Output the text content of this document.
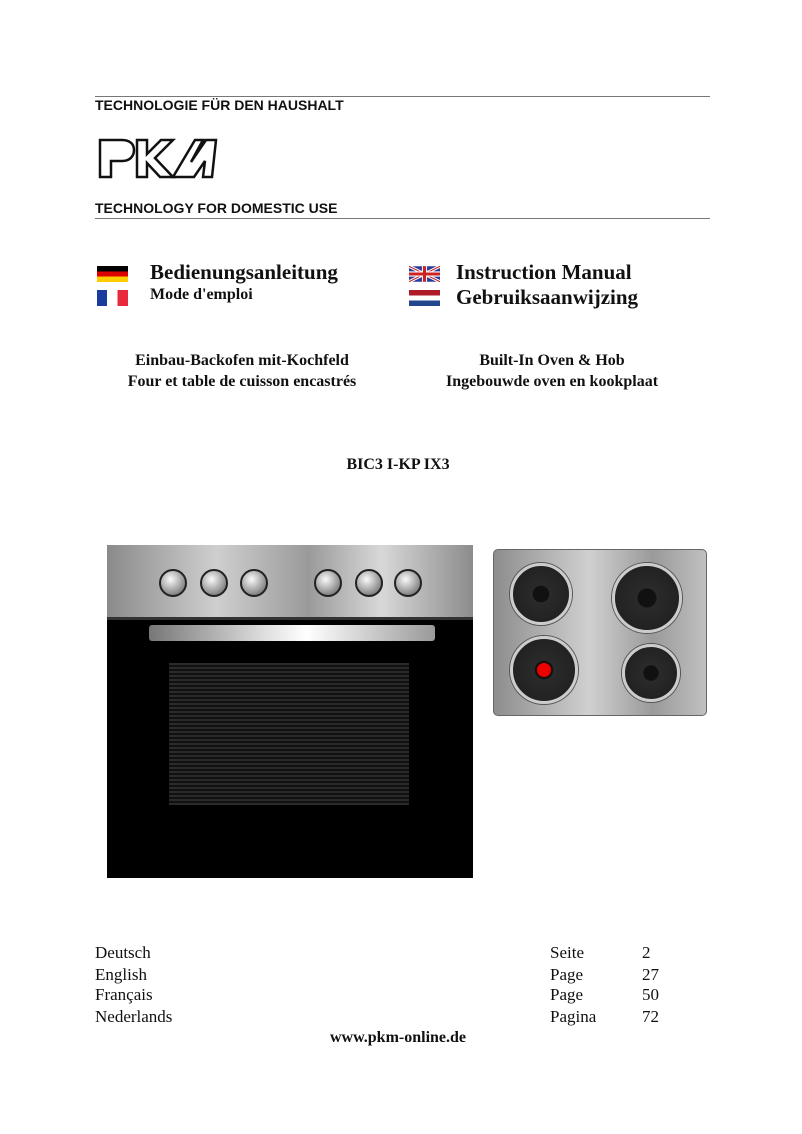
TECHNOLOGIE FÜR DEN HAUSHALT
TECHNOLOGY FOR DOMESTIC USE
Bedienungsanleitung
Mode d'emploi
Instruction Manual
Gebruiksaanwijzing
Einbau-Backofen mit-Kochfeld
Four et table de cuisson encastrés
Built-In Oven & Hob
Ingebouwde oven en kookplaat
BIC3 I-KP IX3
Deutsch	Seite	2
English	Page	27
Français	Page	50
Nederlands	Pagina	72
www.pkm-online.de
